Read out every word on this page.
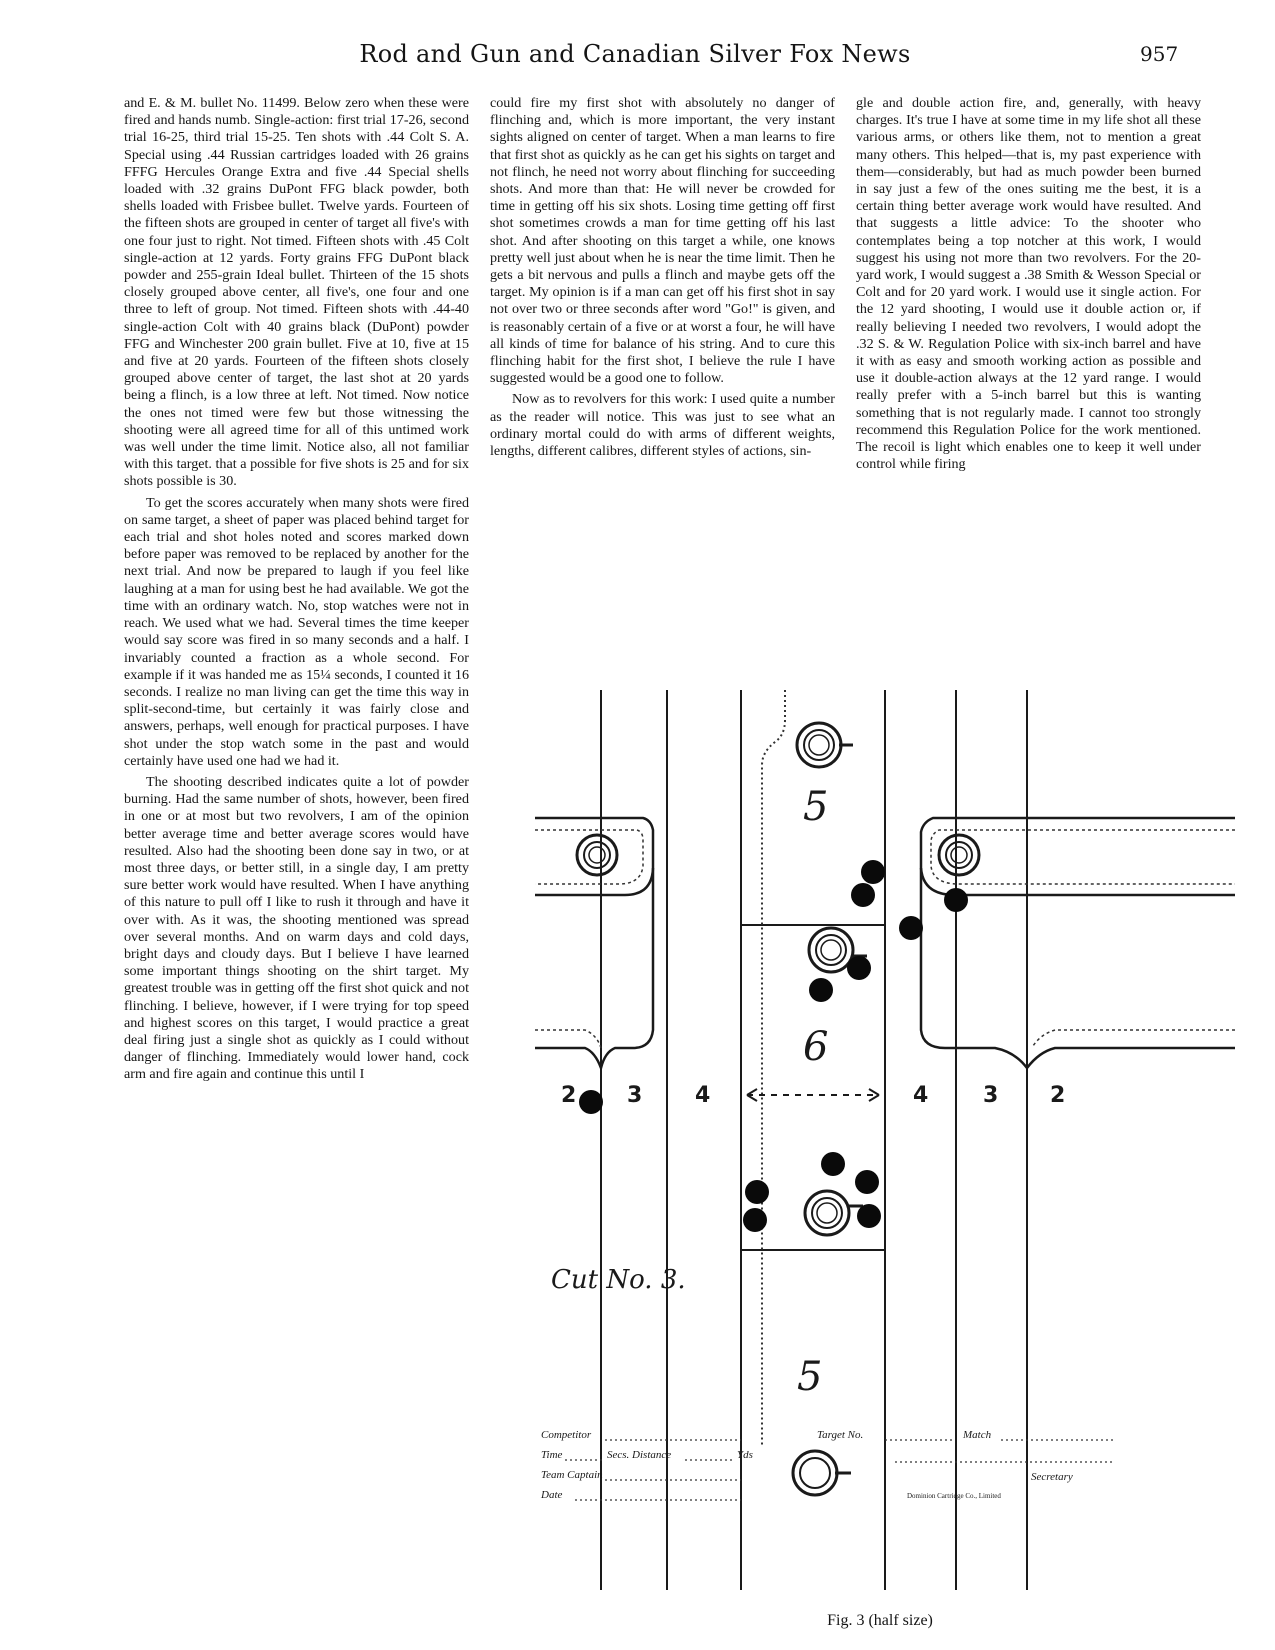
Rod and Gun and Canadian Silver Fox News	957

and E. & M. bullet No. 11499. Below zero when these were fired and hands numb. Single-action: first trial 17-26, second trial 16-25, third trial 15-25. Ten shots with .44 Colt S. A. Special using .44 Russian cartridges loaded with 26 grains FFFG Hercules Orange Extra and five .44 Special shells loaded with .32 grains DuPont FFG black powder, both shells loaded with Frisbee bullet. Twelve yards. Fourteen of the fifteen shots are grouped in center of target all five's with one four just to right. Not timed. Fifteen shots with .45 Colt single-action at 12 yards. Forty grains FFG DuPont black powder and 255-grain Ideal bullet. Thirteen of the 15 shots closely grouped above center, all five's, one four and one three to left of group. Not timed. Fifteen shots with .44-40 single-action Colt with 40 grains black (DuPont) powder FFG and Winchester 200 grain bullet. Five at 10, five at 15 and five at 20 yards. Fourteen of the fifteen shots closely grouped above center of target, the last shot at 20 yards being a flinch, is a low three at left. Not timed. Now notice the ones not timed were few but those witnessing the shooting were all agreed time for all of this untimed work was well under the time limit. Notice also, all not familiar with this target. that a possible for five shots is 25 and for six shots possible is 30.

To get the scores accurately when many shots were fired on same target, a sheet of paper was placed behind target for each trial and shot holes noted and scores marked down before paper was removed to be replaced by another for the next trial. And now be prepared to laugh if you feel like laughing at a man for using best he had available. We got the time with an ordinary watch. No, stop watches were not in reach. We used what we had. Several times the time keeper would say score was fired in so many seconds and a half. I invariably counted a fraction as a whole second. For example if it was handed me as 15¼ seconds, I counted it 16 seconds. I realize no man living can get the time this way in split-second-time, but certainly it was fairly close and answers, perhaps, well enough for practical purposes. I have shot under the stop watch some in the past and would certainly have used one had we had it.

The shooting described indicates quite a lot of powder burning. Had the same number of shots, however, been fired in one or at most but two revolvers, I am of the opinion better average time and better average scores would have resulted. Also had the shooting been done say in two, or at most three days, or better still, in a single day, I am pretty sure better work would have resulted. When I have anything of this nature to pull off I like to rush it through and have it over with. As it was, the shooting mentioned was spread over several months. And on warm days and cold days, bright days and cloudy days. But I believe I have learned some important things shooting on the shirt target. My greatest trouble was in getting off the first shot quick and not flinching. I believe, however, if I were trying for top speed and highest scores on this target, I would practice a great deal firing just a single shot as quickly as I could without danger of flinching. Immediately would lower hand, cock arm and fire again and continue this until I

could fire my first shot with absolutely no danger of flinching and, which is more important, the very instant sights aligned on center of target. When a man learns to fire that first shot as quickly as he can get his sights on target and not flinch, he need not worry about flinching for succeeding shots. And more than that: He will never be crowded for time in getting off his six shots. Losing time getting off first shot sometimes crowds a man for time getting off his last shot. And after shooting on this target a while, one knows pretty well just about when he is near the time limit. Then he gets a bit nervous and pulls a flinch and maybe gets off the target. My opinion is if a man can get off his first shot in say not over two or three seconds after word "Go!" is given, and is reasonably certain of a five or at worst a four, he will have all kinds of time for balance of his string. And to cure this flinching habit for the first shot, I believe the rule I have suggested would be a good one to follow.

Now as to revolvers for this work: I used quite a number as the reader will notice. This was just to see what an ordinary mortal could do with arms of different weights, lengths, different calibres, different styles of actions, sin-

gle and double action fire, and, generally, with heavy charges. It's true I have at some time in my life shot all these various arms, or others like them, not to mention a great many others. This helped—that is, my past experience with them—considerably, but had as much powder been burned in say just a few of the ones suiting me the best, it is a certain thing better average work would have resulted. And that suggests a little advice: To the shooter who contemplates being a top notcher at this work, I would suggest his using not more than two revolvers. For the 20-yard work, I would suggest a .38 Smith & Wesson Special or Colt and for 20 yard work. I would use it single action. For the 12 yard shooting, I would use it double action or, if really believing I needed two revolvers, I would adopt the .32 S. & W. Regulation Police with six-inch barrel and have it with as easy and smooth working action as possible and use it double-action always at the 12 yard range. I would really prefer with a 5-inch barrel but this is wanting something that is not regularly made. I cannot too strongly recommend this Regulation Police for the work mentioned. The recoil is light which enables one to keep it well under control while firing

5
6
5
2 3 4	4 3 2
Cut No. 3.
Competitor
Time	Secs. Distance	Yds
Team Captain
Date
Target No.	Match
Secretary
Dominion Cartridge Co., Limited
Fig. 3 (half size)
